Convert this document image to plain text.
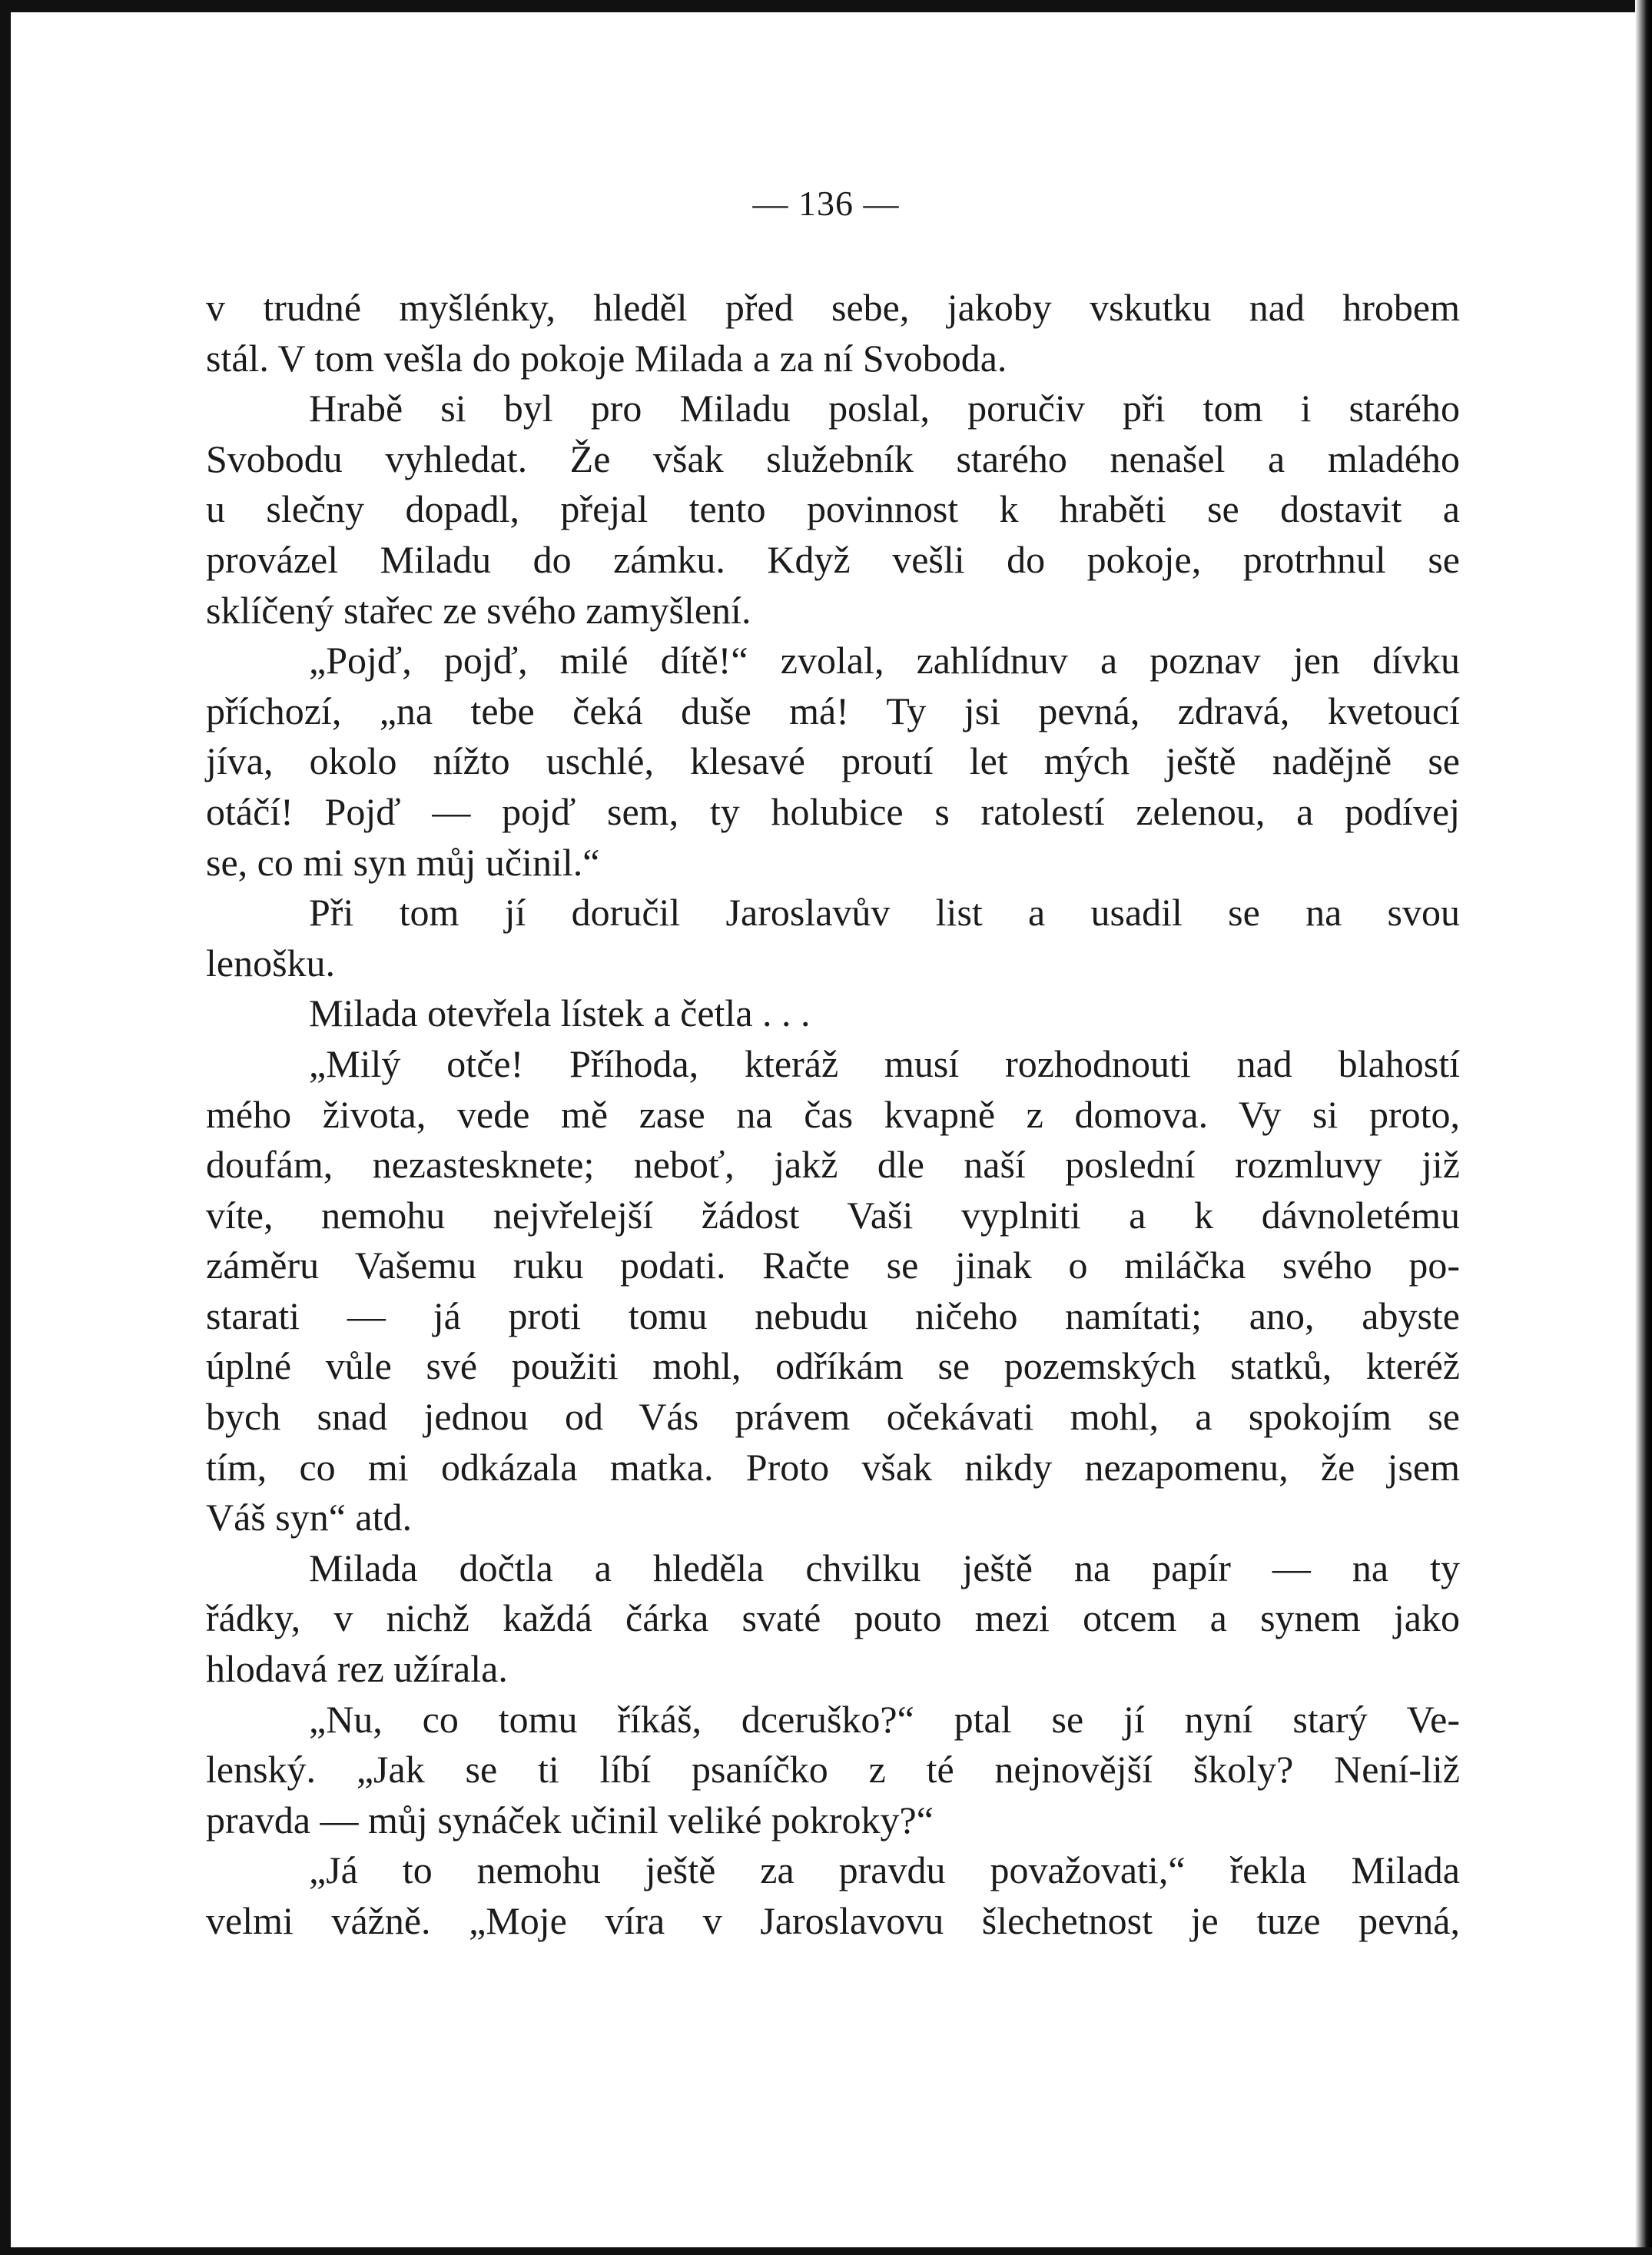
— 136 —

v trudné myšlénky, hleděl před sebe, jakoby vskutku nad hrobem
stál. V tom vešla do pokoje Milada a za ní Svoboda.
Hrabě si byl pro Miladu poslal, poručiv při tom i starého
Svobodu vyhledat. Že však služebník starého nenašel a mladého
u slečny dopadl, přejal tento povinnost k hraběti se dostavit a
provázel Miladu do zámku. Když vešli do pokoje, protrhnul se
sklíčený stařec ze svého zamyšlení.
„Pojď, pojď, milé dítě!“ zvolal, zahlídnuv a poznav jen dívku
příchozí, „na tebe čeká duše má! Ty jsi pevná, zdravá, kvetoucí
jíva, okolo nížto uschlé, klesavé proutí let mých ještě nadějně se
otáčí! Pojď — pojď sem, ty holubice s ratolestí zelenou, a podívej
se, co mi syn můj učinil.“
Při tom jí doručil Jaroslavův list a usadil se na svou
lenošku.
Milada otevřela lístek a četla . . .
„Milý otče! Příhoda, kteráž musí rozhodnouti nad blahostí
mého života, vede mě zase na čas kvapně z domova. Vy si proto,
doufám, nezastesknete; neboť, jakž dle naší poslední rozmluvy již
víte, nemohu nejvřelejší žádost Vaši vyplniti a k dávnoletému
záměru Vašemu ruku podati. Račte se jinak o miláčka svého po-
starati — já proti tomu nebudu ničeho namítati; ano, abyste
úplné vůle své použiti mohl, odříkám se pozemských statků, kteréž
bych snad jednou od Vás právem očekávati mohl, a spokojím se
tím, co mi odkázala matka. Proto však nikdy nezapomenu, že jsem
Váš syn“ atd.
Milada dočtla a hleděla chvilku ještě na papír — na ty
řádky, v nichž každá čárka svaté pouto mezi otcem a synem jako
hlodavá rez užírala.
„Nu, co tomu říkáš, dceruško?“ ptal se jí nyní starý Ve-
lenský. „Jak se ti líbí psaníčko z té nejnovější školy? Není-liž
pravda — můj synáček učinil veliké pokroky?“
„Já to nemohu ještě za pravdu považovati,“ řekla Milada
velmi vážně. „Moje víra v Jaroslavovu šlechetnost je tuze pevná,
